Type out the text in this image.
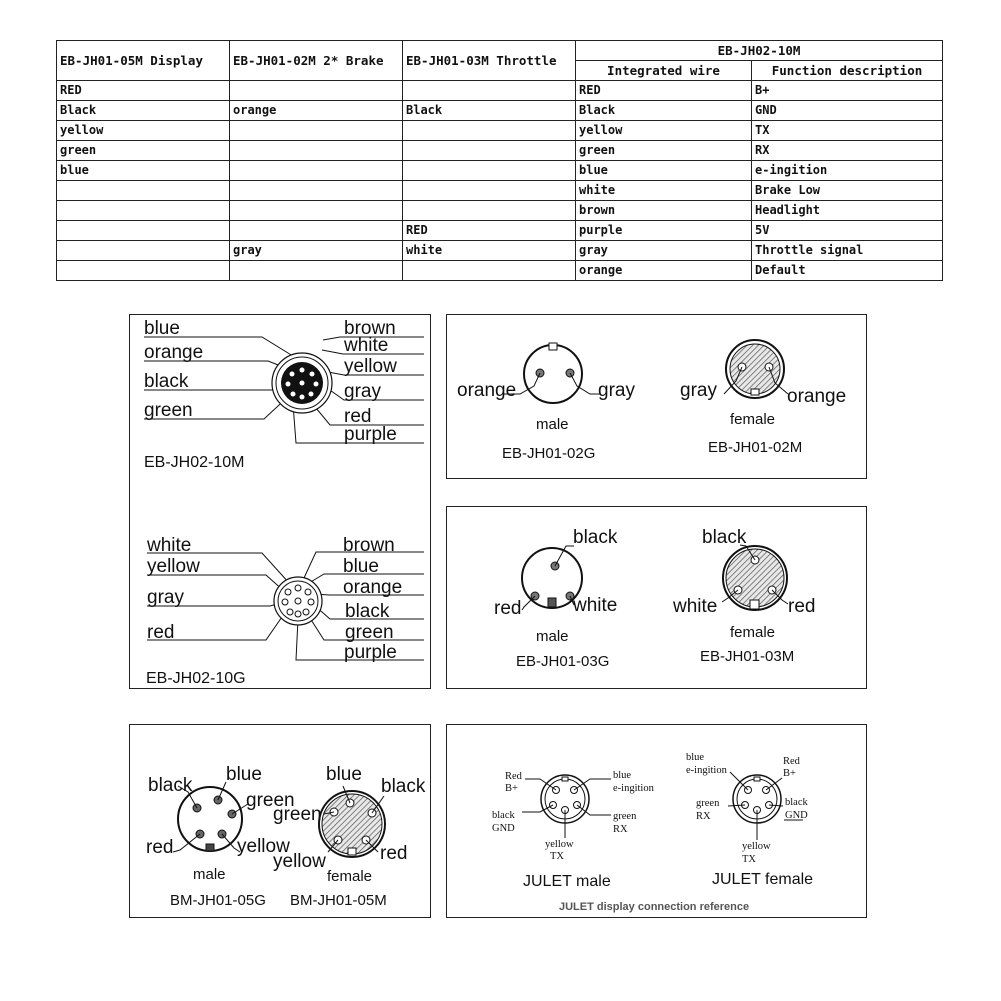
EB-JH01-05M Display	EB-JH01-02M 2* Brake	EB-JH01-03M Throttle	EB-JH02-10M	
			Integrated wire	Function description
RED			RED	B+
Black	orange	Black	Black	GND
yellow			yellow	TX
green			green	RX
blue			blue	e-ingition
			white	Brake Low
			brown	Headlight
		RED	purple	5V
	gray	white	gray	Throttle signal
			orange	Default
blue
orange
black
green
brown
white
yellow
gray
red
purple
EB-JH02-10M
white
yellow
gray
red
brown
blue
orange
black
green
purple
EB-JH02-10G
orange	gray
male
EB-JH01-02G
gray	orange
female
EB-JH01-02M
black
red	white
male
EB-JH01-03G
black
white	red
female
EB-JH01-03M
black
blue
green
red	yellow
male
BM-JH01-05G
blue
black
green
yellow	red
female
BM-JH01-05M
Red
B+
blue
e-ingition
black
GND
green
RX
yellow
TX
JULET male
blue
e-ingition
Red
B+
green
RX
black
GND
yellow
TX
JULET female
JULET display connection reference
